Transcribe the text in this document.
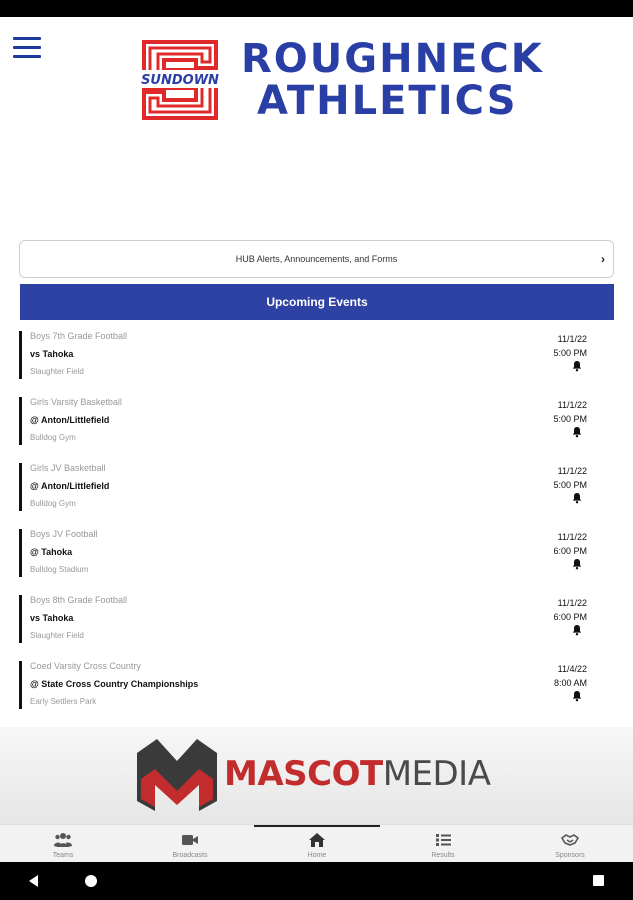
SUNDOWN ROUGHNECK
ATHLETICS
HUB Alerts, Announcements, and Forms	›
Upcoming Events
Boys 7th Grade Football
vs Tahoka
Slaughter Field
11/1/22
5:00 PM
Girls Varsity Basketball
@ Anton/Littlefield
Bulldog Gym
11/1/22
5:00 PM
Girls JV Basketball
@ Anton/Littlefield
Bulldog Gym
11/1/22
5:00 PM
Boys JV Football
@ Tahoka
Bulldog Stadium
11/1/22
6:00 PM
Boys 8th Grade Football
vs Tahoka
Slaughter Field
11/1/22
6:00 PM
Coed Varsity Cross Country
@ State Cross Country Championships
Early Settlers Park
11/4/22
8:00 AM
MASCOTMEDIA
Teams	Broadcasts	Home	Results	Sponsors
